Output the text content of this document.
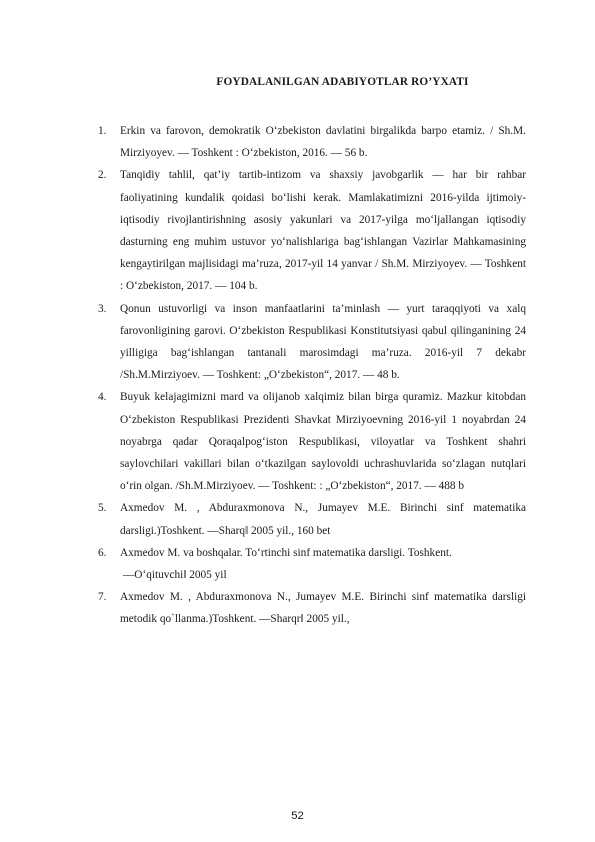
FOYDALANILGAN ADABIYOTLAR RO’YXATI
1. Erkin va farovon, demokratik O‘zbekiston davlatini birgalikda barpo etamiz. / Sh.M. Mirziyoyev. — Toshkent : O‘zbekiston, 2016. — 56 b.
2. Tanqidiy tahlil, qat’iy tartib-intizom va shaxsiy javobgarlik — har bir rahbar faoliyatining kundalik qoidasi bo‘lishi kerak. Mamlakatimizni 2016-yilda ijtimoiy-iqtisodiy rivojlantirishning asosiy yakunlari va 2017-yilga mo‘ljallangan iqtisodiy dasturning eng muhim ustuvor yo‘nalishlariga bag‘ishlangan Vazirlar Mahkamasining kengaytirilgan majlisidagi ma’ruza, 2017-yil 14 yanvar / Sh.M. Mirziyoyev. — Toshkent : O‘zbekiston, 2017. — 104 b.
3. Qonun ustuvorligi va inson manfaatlarini ta’minlash — yurt taraqqiyoti va xalq farovonligining garovi. O‘zbekiston Respublikasi Konstitutsiyasi qabul qilinganining 24 yilligiga bag‘ishlangan tantanali marosimdagi ma’ruza. 2016-yil 7 dekabr /Sh.M.Mirziyoev. — Toshkent: „O‘zbekiston“, 2017. — 48 b.
4. Buyuk kelajagimizni mard va olijanob xalqimiz bilan birga quramiz. Mazkur kitobdan O‘zbekiston Respublikasi Prezidenti Shavkat Mirziyoevning 2016-yil 1 noyabrdan 24 noyabrga qadar Qoraqalpog‘iston Respublikasi, viloyatlar va Toshkent shahri saylovchilari vakillari bilan o‘tkazilgan saylovoldi uchrashuvlarida so‘zlagan nutqlari o‘rin olgan. /Sh.M.Mirziyoev. — Toshkent: : „O‘zbekiston“, 2017. — 488 b
5. Axmedov M. , Abduraxmonova N., Jumayev M.E. Birinchi sinf matematika darsligi.)Toshkent. ―Sharq‖ 2005 yil., 160 bet
6. Axmedov M. va boshqalar. To‘rtinchi sinf matematika darsligi. Toshkent.
―O‘qituvchi‖ 2005 yil
7. Axmedov M. , Abduraxmonova N., Jumayev M.E. Birinchi sinf matematika darsligi metodik qo`llanma.)Toshkent. ―Sharqr‖ 2005 yil.,
52
